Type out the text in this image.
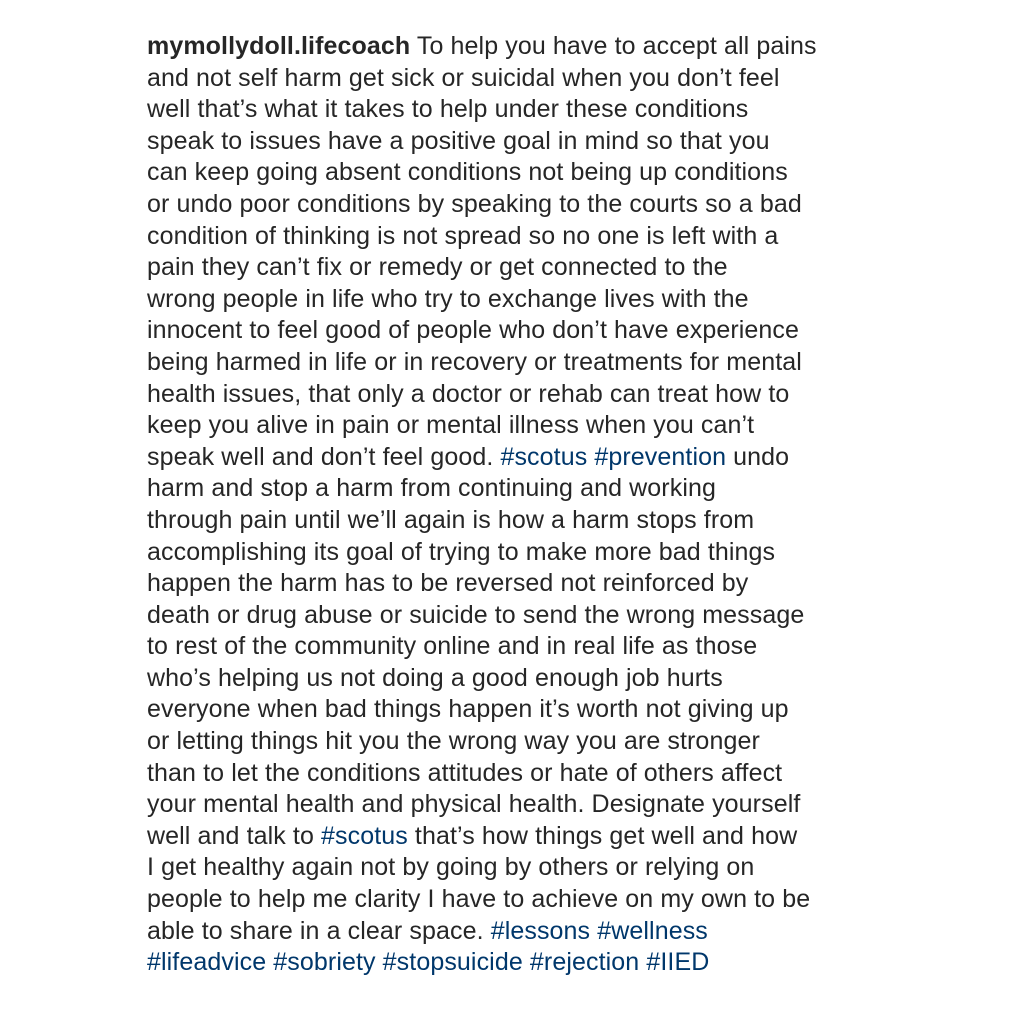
mymollydoll.lifecoach To help you have to accept all pains
and not self harm get sick or suicidal when you don’t feel
well that’s what it takes to help under these conditions
speak to issues have a positive goal in mind so that you
can keep going absent conditions not being up conditions
or undo poor conditions by speaking to the courts so a bad
condition of thinking is not spread so no one is left with a
pain they can’t fix or remedy or get connected to the
wrong people in life who try to exchange lives with the
innocent to feel good of people who don’t have experience
being harmed in life or in recovery or treatments for mental
health issues, that only a doctor or rehab can treat how to
keep you alive in pain or mental illness when you can’t
speak well and don’t feel good. #scotus #prevention undo
harm and stop a harm from continuing and working
through pain until we’ll again is how a harm stops from
accomplishing its goal of trying to make more bad things
happen the harm has to be reversed not reinforced by
death or drug abuse or suicide to send the wrong message
to rest of the community online and in real life as those
who’s helping us not doing a good enough job hurts
everyone when bad things happen it’s worth not giving up
or letting things hit you the wrong way you are stronger
than to let the conditions attitudes or hate of others affect
your mental health and physical health. Designate yourself
well and talk to #scotus that’s how things get well and how
I get healthy again not by going by others or relying on
people to help me clarity I have to achieve on my own to be
able to share in a clear space. #lessons #wellness
#lifeadvice #sobriety #stopsuicide #rejection #IIED
